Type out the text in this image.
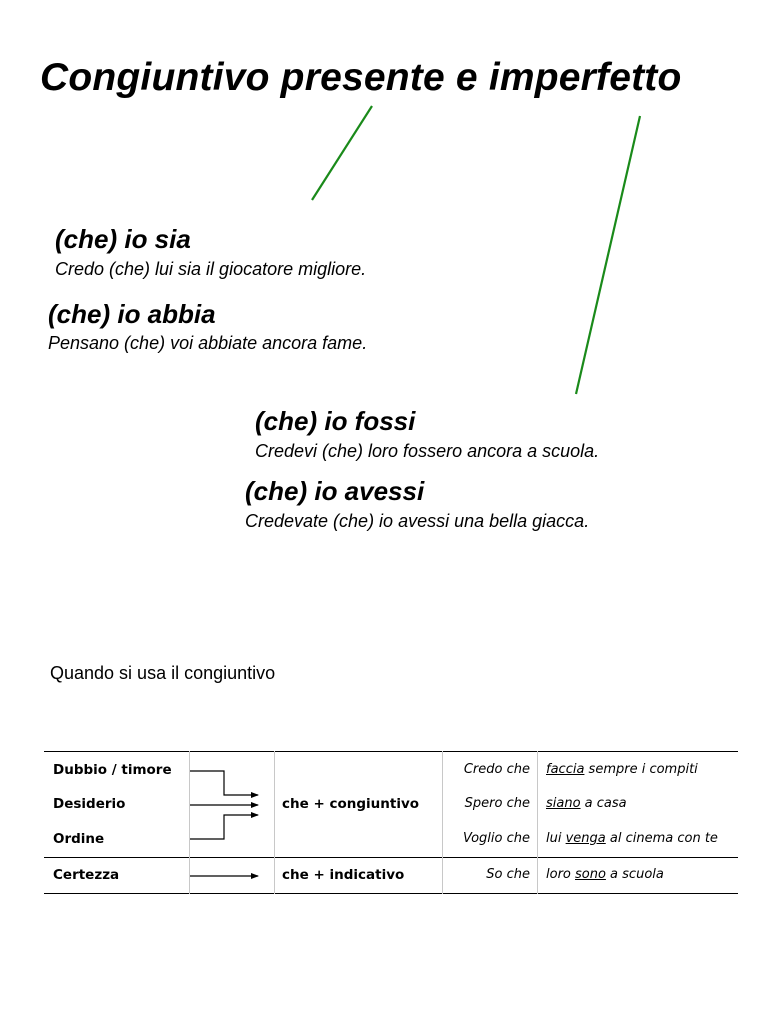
Congiuntivo presente e imperfetto
(che) io sia
Credo (che) lui sia il giocatore migliore.
(che) io abbia
Pensano (che) voi abbiate ancora fame.
(che) io fossi
Credevi (che) loro fossero ancora a scuola.
(che) io avessi
Credevate (che) io avessi una bella giacca.
Quando si usa il congiuntivo
Dubbio / timore
Desiderio
Ordine
Certezza
che + congiuntivo
che + indicativo
Credo che
Spero che
Voglio che
So che
faccia sempre i compiti
siano a casa
lui venga al cinema con te
loro sono a scuola
